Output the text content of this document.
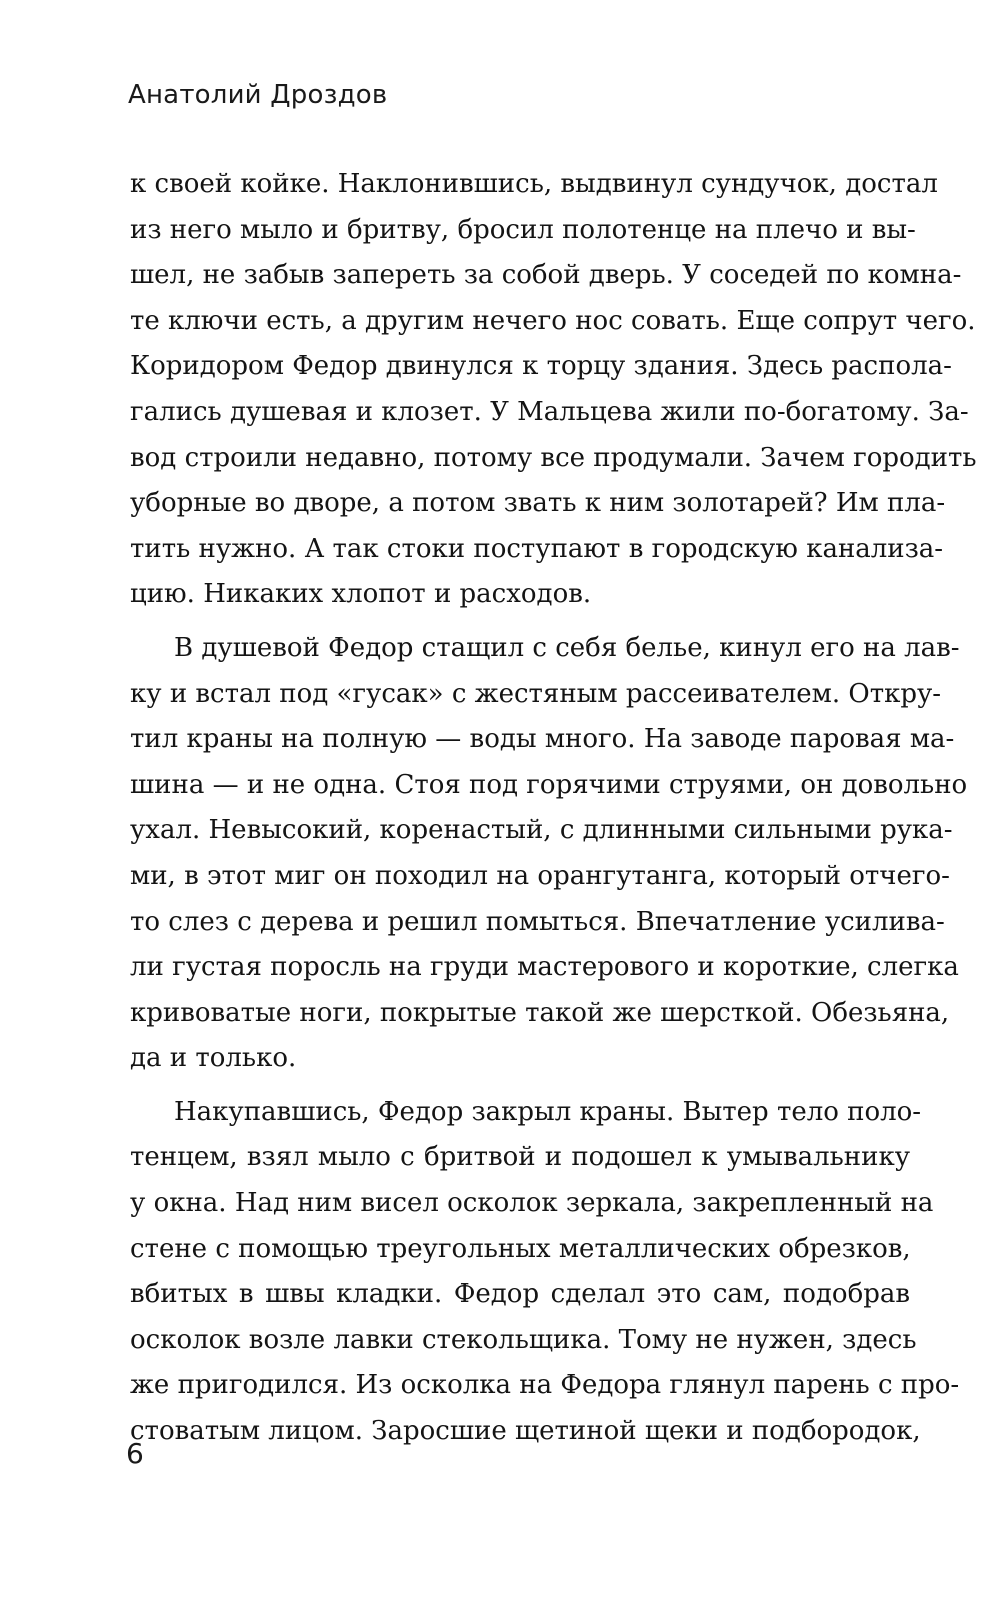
Анатолий Дроздов
к своей койке. Наклонившись, выдвинул сундучок, достал
из него мыло и бритву, бросил полотенце на плечо и вы-
шел, не забыв запереть за собой дверь. У соседей по комна-
те ключи есть, а другим нечего нос совать. Еще сопрут чего.
Коридором Федор двинулся к торцу здания. Здесь распола-
гались душевая и клозет. У Мальцева жили по-богатому. За-
вод строили недавно, потому все продумали. Зачем городить
уборные во дворе, а потом звать к ним золотарей? Им пла-
тить нужно. А так стоки поступают в городскую канализа-
цию. Никаких хлопот и расходов.
В душевой Федор стащил с себя белье, кинул его на лав-
ку и встал под «гусак» с жестяным рассеивателем. Откру-
тил краны на полную — воды много. На заводе паровая ма-
шина — и не одна. Стоя под горячими струями, он довольно
ухал. Невысокий, коренастый, с длинными сильными рука-
ми, в этот миг он походил на орангутанга, который отчего-
то слез с дерева и решил помыться. Впечатление усилива-
ли густая поросль на груди мастерового и короткие, слегка
кривоватые ноги, покрытые такой же шерсткой. Обезьяна,
да и только.
Накупавшись, Федор закрыл краны. Вытер тело поло-
тенцем, взял мыло с бритвой и подошел к умывальнику
у окна. Над ним висел осколок зеркала, закрепленный на
стене с помощью треугольных металлических обрезков,
вбитых в швы кладки. Федор сделал это сам, подобрав
осколок возле лавки стекольщика. Тому не нужен, здесь
же пригодился. Из осколка на Федора глянул парень с про-
стоватым лицом. Заросшие щетиной щеки и подбородок,
6
